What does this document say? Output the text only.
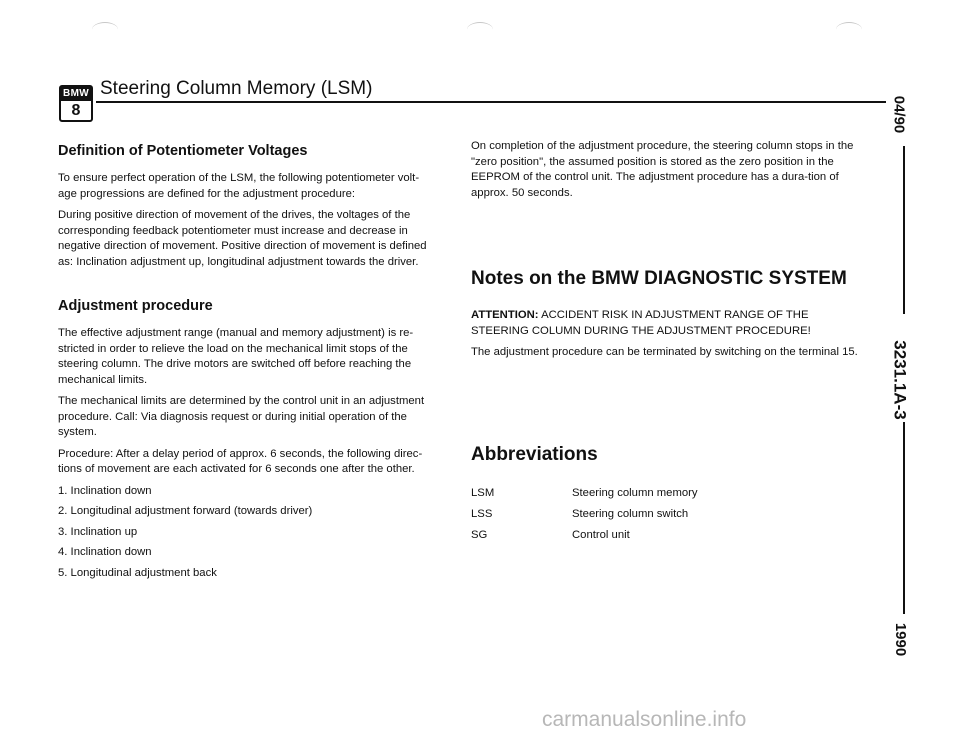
BMW
8
Steering Column Memory (LSM)
Definition of Potentiometer Voltages

To ensure perfect operation of the LSM, the following potentiometer volt-age progressions are defined for the adjustment procedure:

During positive direction of movement of the drives, the voltages of the corresponding feedback potentiometer must increase and decrease in negative direction of movement. Positive direction of movement is defined as: Inclination adjustment up, longitudinal adjustment towards the driver.

Adjustment procedure

The effective adjustment range (manual and memory adjustment) is re-stricted in order to relieve the load on the mechanical limit stops of the steering column. The drive motors are switched off before reaching the mechanical limits.

The mechanical limits are determined by the control unit in an adjustment procedure. Call: Via diagnosis request or during initial operation of the system.

Procedure: After a delay period of approx. 6 seconds, the following direc-tions of movement are each activated for 6 seconds one after the other.

1. Inclination down

2. Longitudinal adjustment forward (towards driver)

3. Inclination up

4. Inclination down

5. Longitudinal adjustment back

On completion of the adjustment procedure, the steering column stops in the "zero position", the assumed position is stored as the zero position in the EEPROM of the control unit. The adjustment procedure has a dura-tion of approx. 50 seconds.

Notes on the BMW DIAGNOSTIC SYSTEM

ATTENTION: ACCIDENT RISK IN ADJUSTMENT RANGE OF THE STEERING COLUMN DURING THE ADJUSTMENT PROCEDURE!

The adjustment procedure can be terminated by switching on the terminal 15.

Abbreviations
LSM	Steering column memory
LSS	Steering column switch
SG	Control unit
04/90
3231.1A-3
1990
carmanualsonline.info
